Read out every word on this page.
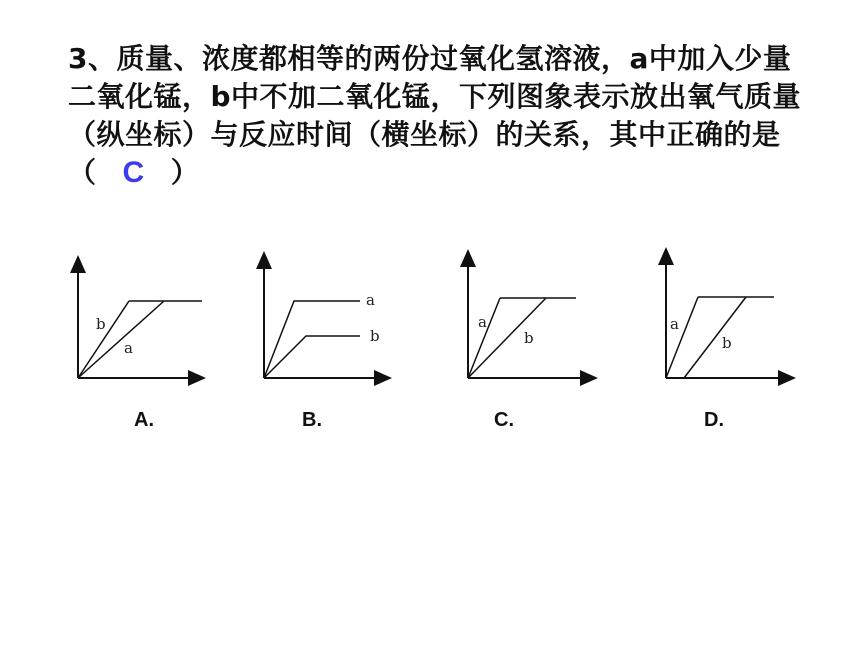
3、质量、浓度都相等的两份过氧化氢溶液，a中加入少量二氧化锰，b中不加二氧化锰，下列图象表示放出氧气质量（纵坐标）与反应时间（横坐标）的关系，其中正确的是（ C ）
b
a
a
b
a
b
a
b
A.	B.	C.	D.
